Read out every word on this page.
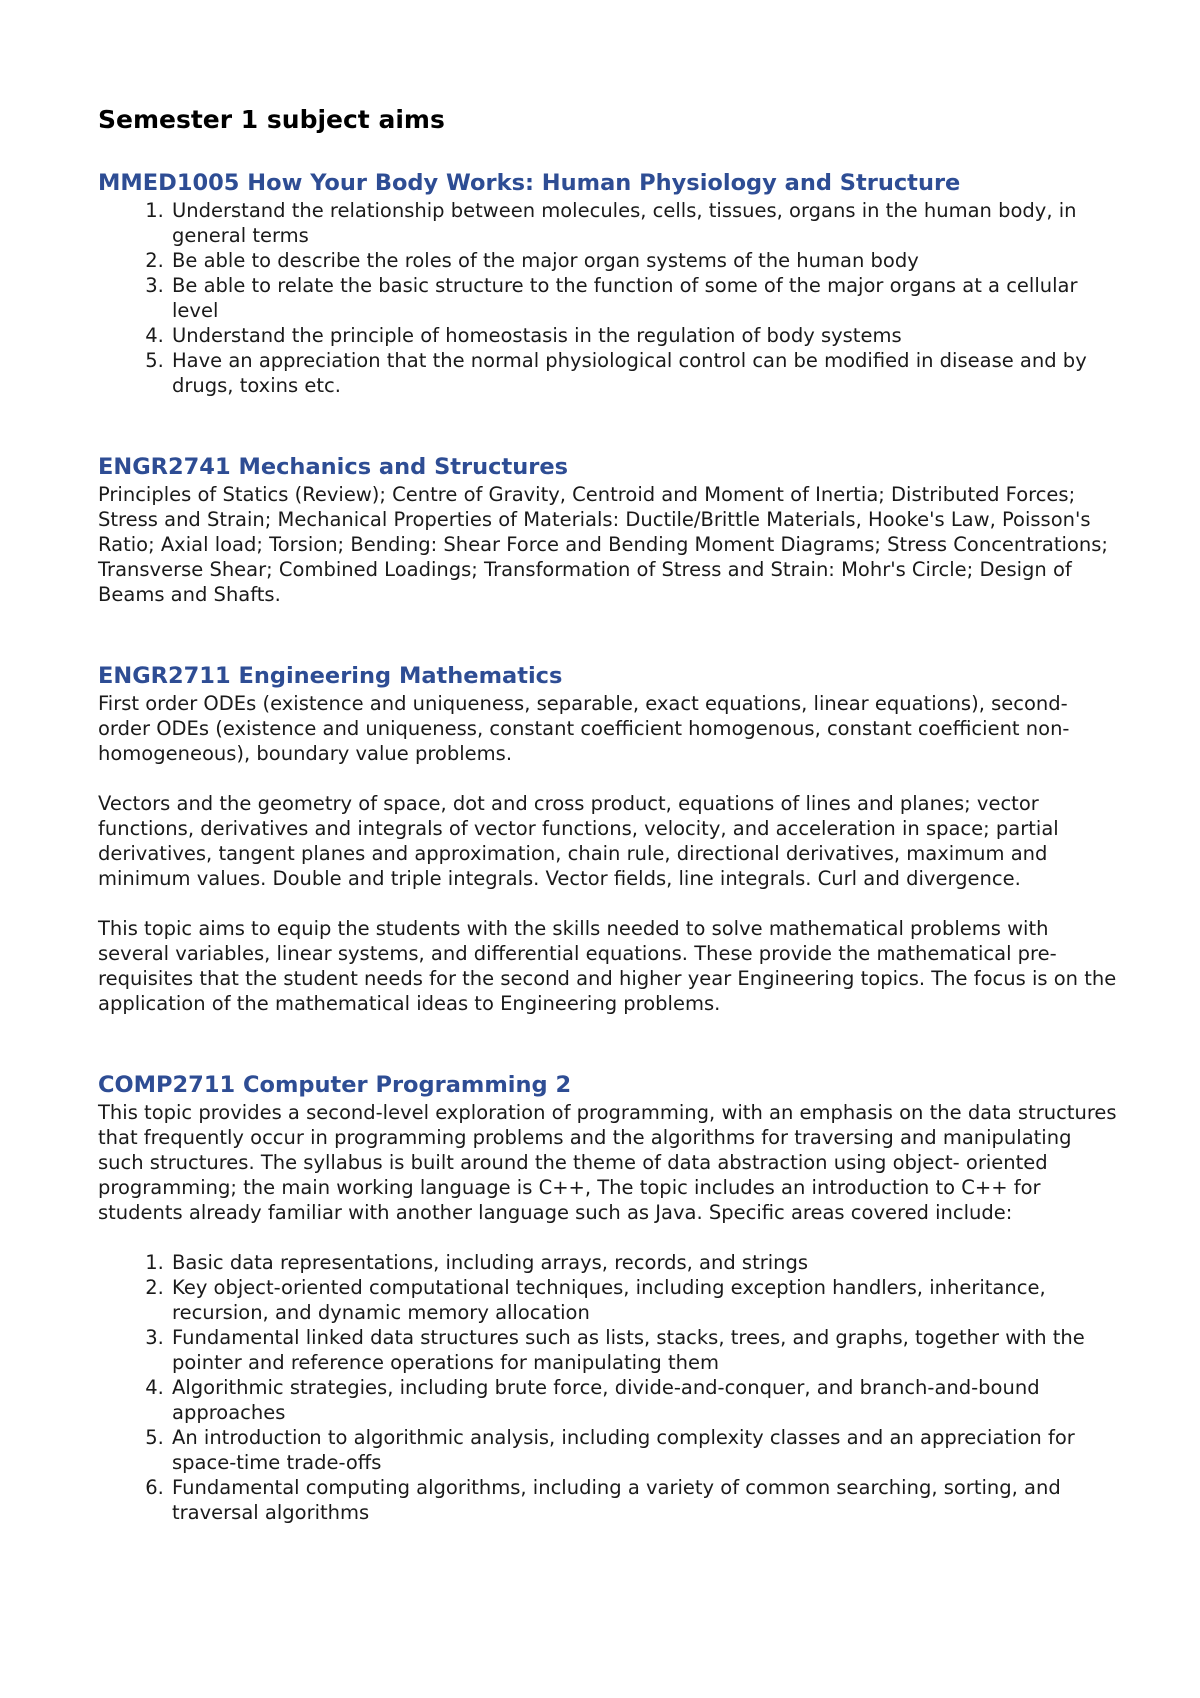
Semester 1 subject aims
MMED1005 How Your Body Works: Human Physiology and Structure
1. Understand the relationship between molecules, cells, tissues, organs in the human body, in general terms
2. Be able to describe the roles of the major organ systems of the human body
3. Be able to relate the basic structure to the function of some of the major organs at a cellular level
4. Understand the principle of homeostasis in the regulation of body systems
5. Have an appreciation that the normal physiological control can be modified in disease and by drugs, toxins etc.
ENGR2741 Mechanics and Structures

Principles of Statics (Review); Centre of Gravity, Centroid and Moment of Inertia; Distributed Forces; Stress and Strain; Mechanical Properties of Materials: Ductile/Brittle Materials, Hooke's Law, Poisson's Ratio; Axial load; Torsion; Bending: Shear Force and Bending Moment Diagrams; Stress Concentrations; Transverse Shear; Combined Loadings; Transformation of Stress and Strain: Mohr's Circle; Design of Beams and Shafts.

ENGR2711 Engineering Mathematics

First order ODEs (existence and uniqueness, separable, exact equations, linear equations), second-order ODEs (existence and uniqueness, constant coefficient homogenous, constant coefficient non-homogeneous), boundary value problems.

Vectors and the geometry of space, dot and cross product, equations of lines and planes; vector functions, derivatives and integrals of vector functions, velocity, and acceleration in space; partial derivatives, tangent planes and approximation, chain rule, directional derivatives, maximum and minimum values. Double and triple integrals. Vector fields, line integrals. Curl and divergence.

This topic aims to equip the students with the skills needed to solve mathematical problems with several variables, linear systems, and differential equations. These provide the mathematical pre-requisites that the student needs for the second and higher year Engineering topics. The focus is on the application of the mathematical ideas to Engineering problems.

COMP2711 Computer Programming 2

This topic provides a second-level exploration of programming, with an emphasis on the data structures that frequently occur in programming problems and the algorithms for traversing and manipulating such structures. The syllabus is built around the theme of data abstraction using object- oriented programming; the main working language is C++, The topic includes an introduction to C++ for students already familiar with another language such as Java. Specific areas covered include:

1. Basic data representations, including arrays, records, and strings
2. Key object-oriented computational techniques, including exception handlers, inheritance, recursion, and dynamic memory allocation
3. Fundamental linked data structures such as lists, stacks, trees, and graphs, together with the pointer and reference operations for manipulating them
4. Algorithmic strategies, including brute force, divide-and-conquer, and branch-and-bound approaches
5. An introduction to algorithmic analysis, including complexity classes and an appreciation for space-time trade-offs
6. Fundamental computing algorithms, including a variety of common searching, sorting, and traversal algorithms
